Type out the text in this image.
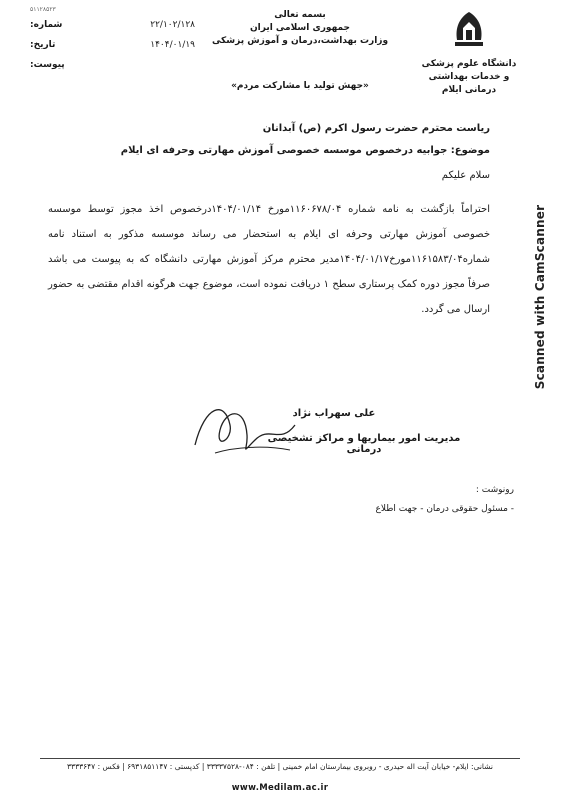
دانشگاه علوم پزشکی
و خدمات بهداشتی درمانی ایلام
بسمه تعالی
جمهوری اسلامی ایران
وزارت بهداشت،درمان و آموزش پزشکی
«جهش تولید با مشارکت مردم»
۵۱۱۲۸۵۲۳
شماره:	۲۲/۱۰۲/۱۲۸
تاریخ:	۱۴۰۴/۰۱/۱۹
پیوست:
Scanned with CamScanner
ریاست محترم حضرت رسول اکرم (ص) آبدانان
موضوع: جوابیه درخصوص موسسه خصوصی آموزش مهارتی وحرفه ای ایلام
سلام علیکم
احتراماً بازگشت به نامه شماره ۱۱۶۰۶۷۸/۰۴مورخ ۱۴۰۴/۰۱/۱۴درخصوص اخذ مجوز توسط موسسه خصوصی آموزش مهارتی وحرفه ای ایلام به استحضار می رساند موسسه مذکور به استناد نامه شماره۱۱۶۱۵۸۳/۰۴مورخ۱۴۰۴/۰۱/۱۷مدیر محترم مرکز آموزش مهارتی دانشگاه که به پیوست می باشد صرفاً مجوز دوره کمک پرستاری سطح ۱ دریافت نموده است، موضوع جهت هرگونه اقدام مقتضی به حضور ارسال می گردد.
علی سهراب نژاد
مدیریت امور بیماریها و مراکز تشخیصی درمانی
رونوشت :
- مسئول حقوقی درمان - جهت اطلاع
نشانی: ایلام- خیابان آیت اله حیدری - روبروی بیمارستان امام خمینی | تلفن : ۰۸۴-۳۳۳۳۷۵۲۸ | کدپستی : ۶۹۳۱۸۵۱۱۴۷ | فکس : ۳۳۳۳۶۴۷
www.Medilam.ac.ir
